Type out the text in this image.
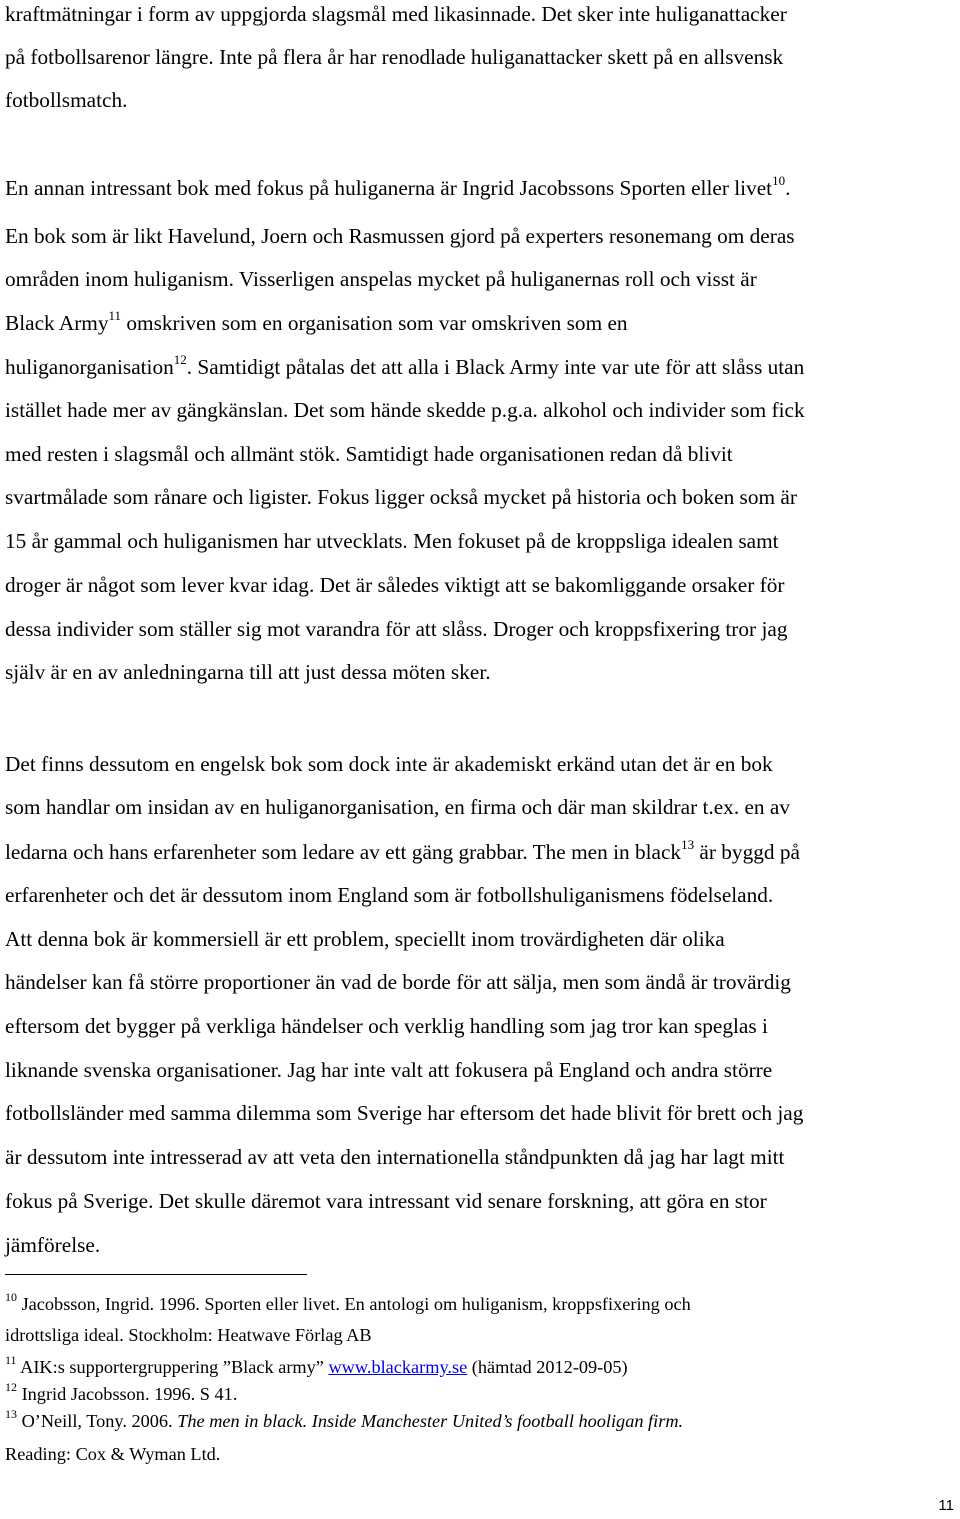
kraftmätningar i form av uppgjorda slagsmål med likasinnade. Det sker inte huliganattacker
på fotbollsarenor längre. Inte på flera år har renodlade huliganattacker skett på en allsvensk
fotbollsmatch.
En annan intressant bok med fokus på huliganerna är Ingrid Jacobssons Sporten eller livet$^{10}$.
En bok som är likt Havelund, Joern och Rasmussen gjord på experters resonemang om deras
områden inom huliganism. Visserligen anspelas mycket på huliganernas roll och visst är
Black Army$^{11}$ omskriven som en organisation som var omskriven som en
huliganorganisation$^{12}$. Samtidigt påtalas det att alla i Black Army inte var ute för att slåss utan
istället hade mer av gängkänslan. Det som hände skedde p.g.a. alkohol och individer som fick
med resten i slagsmål och allmänt stök. Samtidigt hade organisationen redan då blivit
svartmålade som rånare och ligister. Fokus ligger också mycket på historia och boken som är
15 år gammal och huliganismen har utvecklats. Men fokuset på de kroppsliga idealen samt
droger är något som lever kvar idag. Det är således viktigt att se bakomliggande orsaker för
dessa individer som ställer sig mot varandra för att slåss. Droger och kroppsfixering tror jag
själv är en av anledningarna till att just dessa möten sker.
Det finns dessutom en engelsk bok som dock inte är akademiskt erkänd utan det är en bok
som handlar om insidan av en huliganorganisation, en firma och där man skildrar t.ex. en av
ledarna och hans erfarenheter som ledare av ett gäng grabbar. The men in black$^{13}$ är byggd på
erfarenheter och det är dessutom inom England som är fotbollshuliganismens födelseland.
Att denna bok är kommersiell är ett problem, speciellt inom trovärdigheten där olika
händelser kan få större proportioner än vad de borde för att sälja, men som ändå är trovärdig
eftersom det bygger på verkliga händelser och verklig handling som jag tror kan speglas i
liknande svenska organisationer. Jag har inte valt att fokusera på England och andra större
fotbollsländer med samma dilemma som Sverige har eftersom det hade blivit för brett och jag
är dessutom inte intresserad av att veta den internationella ståndpunkten då jag har lagt mitt
fokus på Sverige. Det skulle däremot vara intressant vid senare forskning, att göra en stor
jämförelse.
$^{10}$ Jacobsson, Ingrid. 1996. Sporten eller livet. En antologi om huliganism, kroppsfixering och
idrottsliga ideal. Stockholm: Heatwave Förlag AB
$^{11}$ AIK:s supportergruppering ”Black army” www.blackarmy.se (hämtad 2012-09-05)
$^{12}$ Ingrid Jacobsson. 1996. S 41.
$^{13}$ O’Neill, Tony. 2006. The men in black. Inside Manchester United’s football hooligan firm.
Reading: Cox & Wyman Ltd.
11
